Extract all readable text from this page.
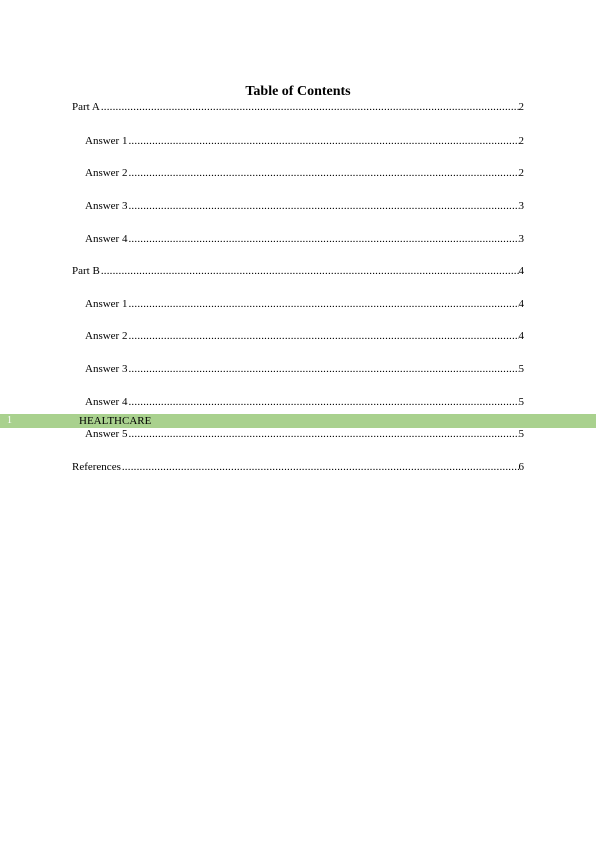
Table of Contents
Part A .....	2
Answer 1 .....	2
Answer 2 .....	2
Answer 3 .....	3
Answer 4 .....	3
Part B .....	4
Answer 1 .....	4
Answer 2 .....	4
Answer 3 .....	5
Answer 4 .....	5
1	HEALTHCARE
Answer 5 .....	5
References .....	6
